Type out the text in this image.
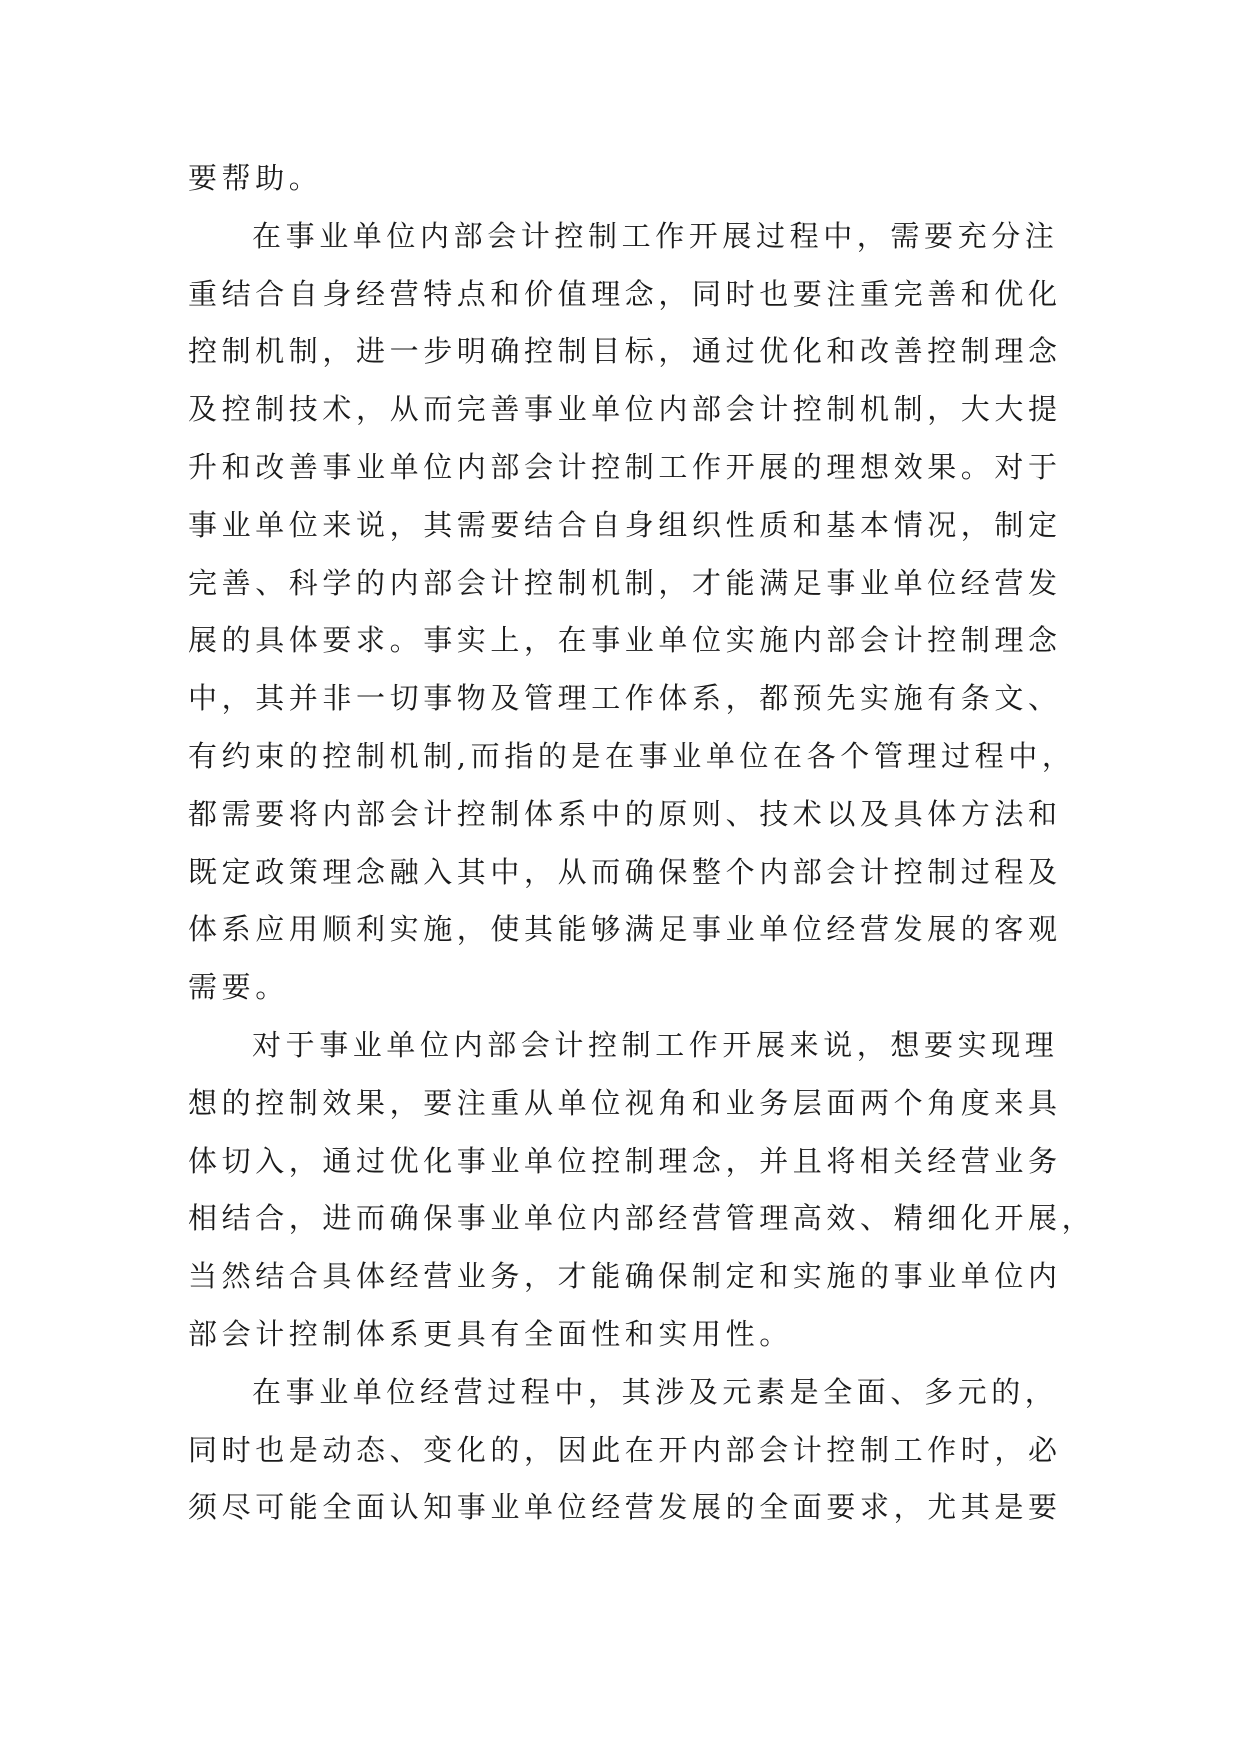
要帮助。

在事业单位内部会计控制工作开展过程中，需要充分注
重结合自身经营特点和价值理念，同时也要注重完善和优化
控制机制，进一步明确控制目标，通过优化和改善控制理念
及控制技术，从而完善事业单位内部会计控制机制，大大提
升和改善事业单位内部会计控制工作开展的理想效果。对于
事业单位来说，其需要结合自身组织性质和基本情况，制定
完善、科学的内部会计控制机制，才能满足事业单位经营发
展的具体要求。事实上，在事业单位实施内部会计控制理念
中，其并非一切事物及管理工作体系，都预先实施有条文、
有约束的控制机制,而指的是在事业单位在各个管理过程中，
都需要将内部会计控制体系中的原则、技术以及具体方法和
既定政策理念融入其中，从而确保整个内部会计控制过程及
体系应用顺利实施，使其能够满足事业单位经营发展的客观
需要。

对于事业单位内部会计控制工作开展来说，想要实现理
想的控制效果，要注重从单位视角和业务层面两个角度来具
体切入，通过优化事业单位控制理念，并且将相关经营业务
相结合，进而确保事业单位内部经营管理高效、精细化开展，
当然结合具体经营业务，才能确保制定和实施的事业单位内
部会计控制体系更具有全面性和实用性。

在事业单位经营过程中，其涉及元素是全面、多元的，
同时也是动态、变化的，因此在开内部会计控制工作时，必
须尽可能全面认知事业单位经营发展的全面要求，尤其是要
